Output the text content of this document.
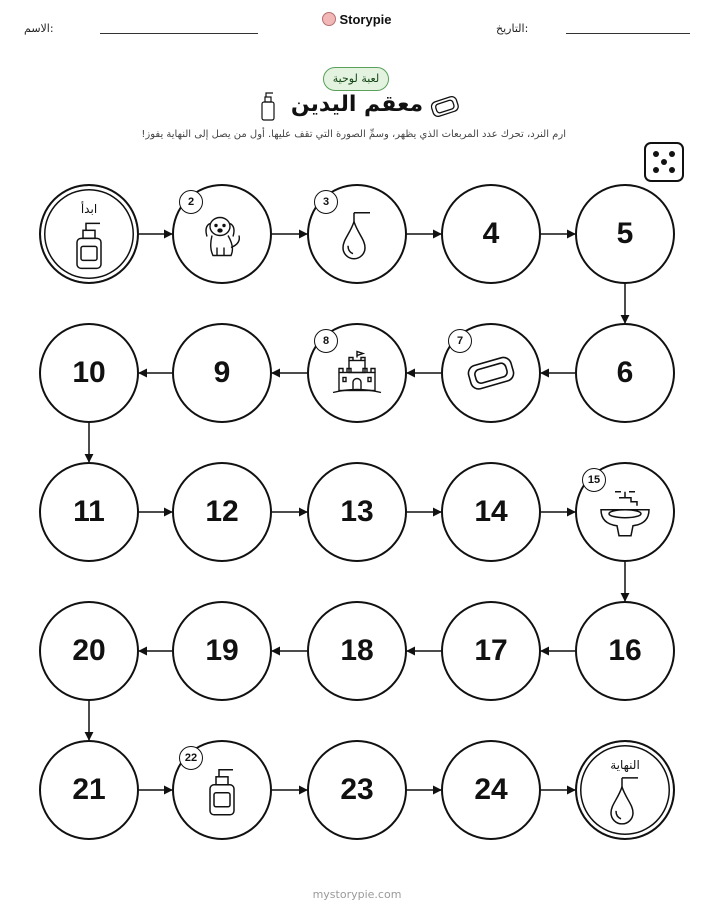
الاسم:
Storypie
التاريخ:
لعبة لوحية
معقم اليدين
ارم النرد، تحرك عدد المربعات الذي يظهر، وسمِّ الصورة التي تقف عليها. أول من يصل إلى النهاية يفوز!
ابدأ	2	3
4	5
6
7
8
9
10
11	12	13	14
15
16
17
18
19
20
21
22
23	24
النهاية
mystorypie.com
